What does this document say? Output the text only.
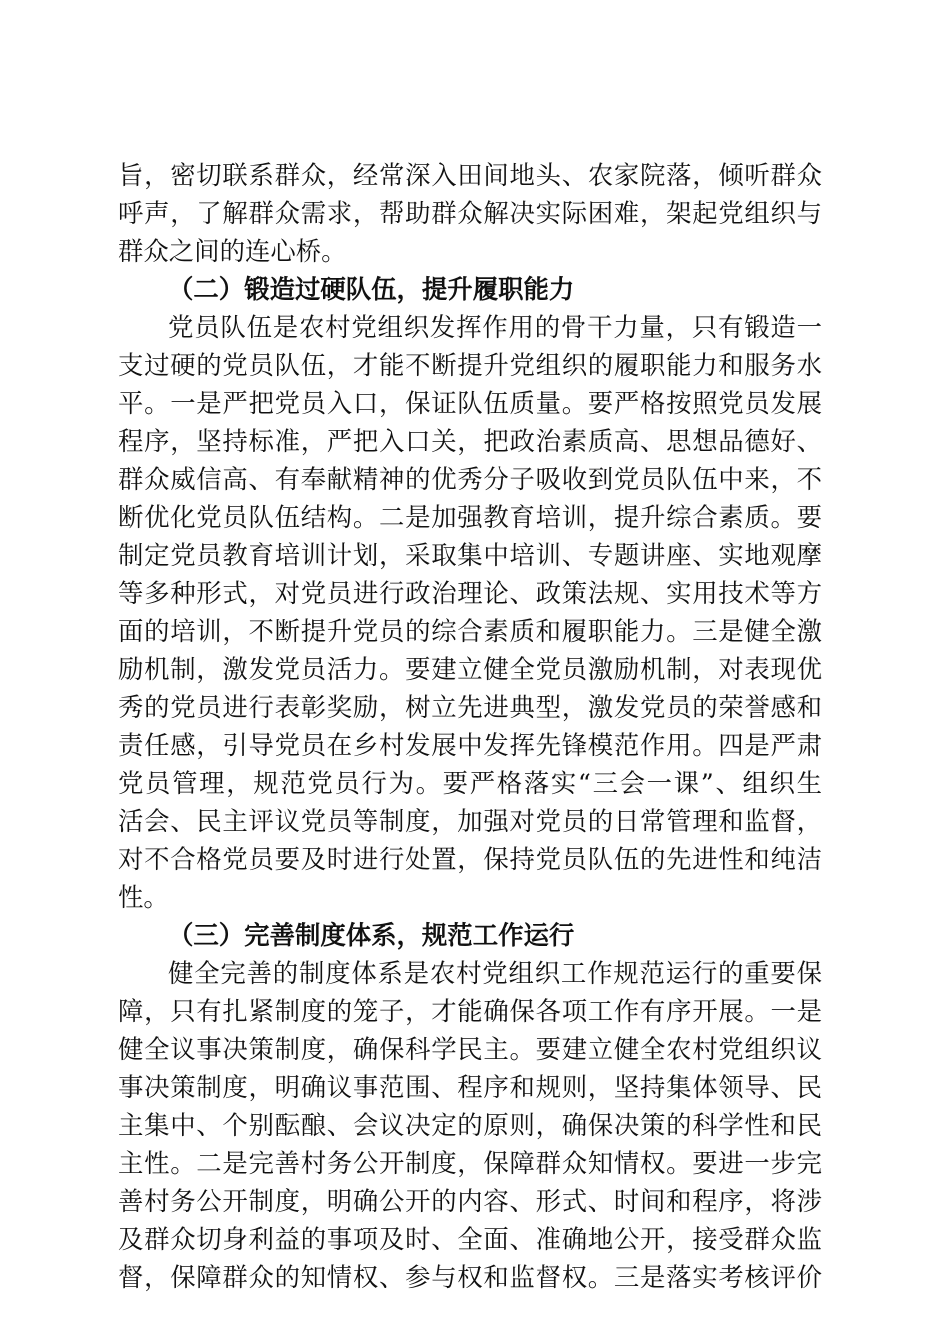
旨，密切联系群众，经常深入田间地头、农家院落，倾听群众
呼声，了解群众需求，帮助群众解决实际困难，架起党组织与
群众之间的连心桥。
（二）锻造过硬队伍，提升履职能力
党员队伍是农村党组织发挥作用的骨干力量，只有锻造一
支过硬的党员队伍，才能不断提升党组织的履职能力和服务水
平。一是严把党员入口，保证队伍质量。要严格按照党员发展
程序，坚持标准，严把入口关，把政治素质高、思想品德好、
群众威信高、有奉献精神的优秀分子吸收到党员队伍中来，不
断优化党员队伍结构。二是加强教育培训，提升综合素质。要
制定党员教育培训计划，采取集中培训、专题讲座、实地观摩
等多种形式，对党员进行政治理论、政策法规、实用技术等方
面的培训，不断提升党员的综合素质和履职能力。三是健全激
励机制，激发党员活力。要建立健全党员激励机制，对表现优
秀的党员进行表彰奖励，树立先进典型，激发党员的荣誉感和
责任感，引导党员在乡村发展中发挥先锋模范作用。四是严肃
党员管理，规范党员行为。要严格落实“三会一课”、组织生
活会、民主评议党员等制度，加强对党员的日常管理和监督，
对不合格党员要及时进行处置，保持党员队伍的先进性和纯洁
性。
（三）完善制度体系，规范工作运行
健全完善的制度体系是农村党组织工作规范运行的重要保
障，只有扎紧制度的笼子，才能确保各项工作有序开展。一是
健全议事决策制度，确保科学民主。要建立健全农村党组织议
事决策制度，明确议事范围、程序和规则，坚持集体领导、民
主集中、个别酝酿、会议决定的原则，确保决策的科学性和民
主性。二是完善村务公开制度，保障群众知情权。要进一步完
善村务公开制度，明确公开的内容、形式、时间和程序，将涉
及群众切身利益的事项及时、全面、准确地公开，接受群众监
督，保障群众的知情权、参与权和监督权。三是落实考核评价
